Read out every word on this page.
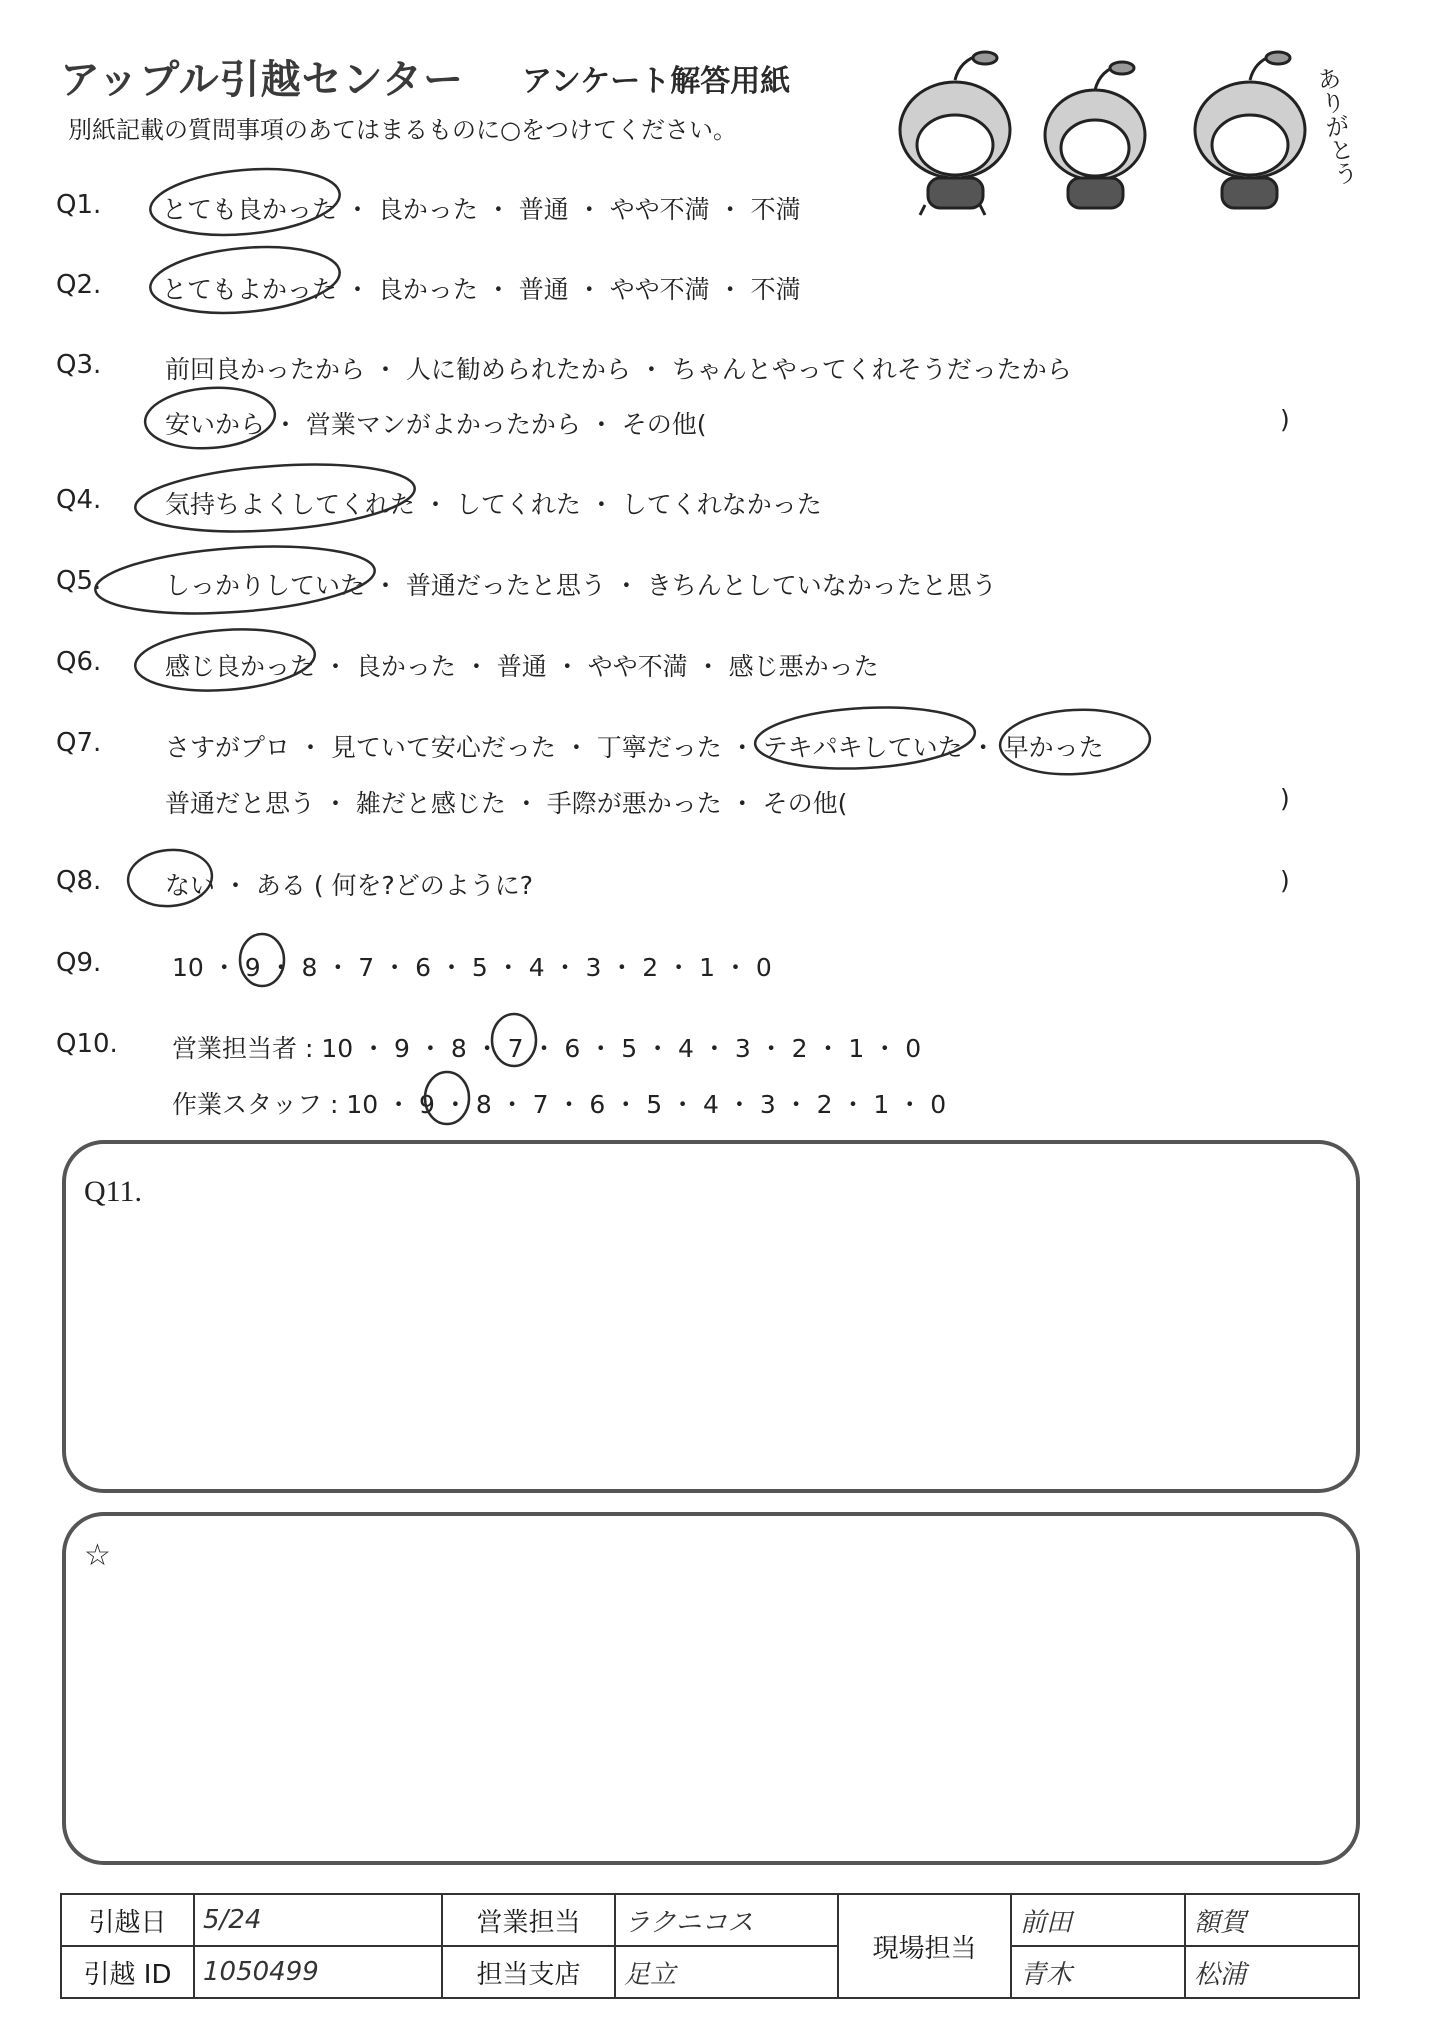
アップル引越センター アンケート解答用紙
別紙記載の質問事項のあてはまるものに○をつけてください。	ありがとう
Q1. とても良かった ・ 良かった ・ 普通 ・ やや不満 ・ 不満
Q2. とてもよかった ・ 良かった ・ 普通 ・ やや不満 ・ 不満
Q3.	前回良かったから ・ 人に勧められたから ・ ちゃんとやってくれそうだったから
安いから ・ 営業マンがよかったから ・ その他(	)
Q4.	気持ちよくしてくれた ・ してくれた ・ してくれなかった
Q5.	しっかりしていた ・ 普通だったと思う ・ きちんとしていなかったと思う
Q6.	感じ良かった ・ 良かった ・ 普通 ・ やや不満 ・ 感じ悪かった
Q7.	さすがプロ ・ 見ていて安心だった ・ 丁寧だった ・ テキパキしていた ・ 早かった
普通だと思う ・ 雑だと感じた ・ 手際が悪かった ・ その他(	)
Q8.	ない ・ ある ( 何を?どのように?	)
Q9.	10 ・ 9 ・ 8 ・ 7 ・ 6 ・ 5 ・ 4 ・ 3 ・ 2 ・ 1 ・ 0
Q10. 営業担当者 : 10 ・ 9 ・ 8 ・ 7 ・ 6 ・ 5 ・ 4 ・ 3 ・ 2 ・ 1 ・ 0
作業スタッフ : 10 ・ 9 ・ 8 ・ 7 ・ 6 ・ 5 ・ 4 ・ 3 ・ 2 ・ 1 ・ 0
Q11.
☆
引越日	5/24	営業担当	ラクニコス	現場担当	前田	額賀
引越 ID	1050499	担当支店	足立		青木	松浦
